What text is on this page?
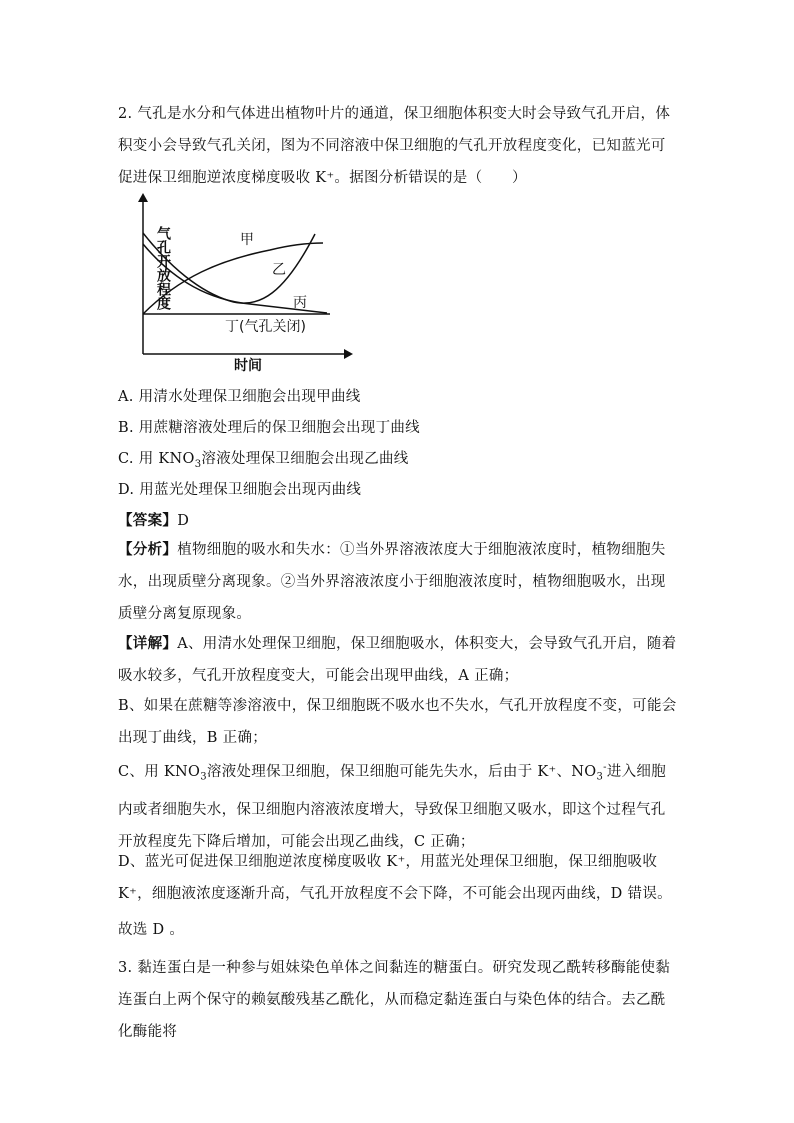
2. 气孔是水分和气体进出植物叶片的通道，保卫细胞体积变大时会导致气孔开启，体积变小会导致气孔关闭，图为不同溶液中保卫细胞的气孔开放程度变化，已知蓝光可促进保卫细胞逆浓度梯度吸收 K⁺。据图分析错误的是（　　）
气孔开放程度
时间
甲
乙
丙
丁(气孔关闭)
A. 用清水处理保卫细胞会出现甲曲线
B. 用蔗糖溶液处理后的保卫细胞会出现丁曲线
C. 用 $KNO_3$溶液处理保卫细胞会出现乙曲线
D. 用蓝光处理保卫细胞会出现丙曲线
【答案】D
【分析】植物细胞的吸水和失水：①当外界溶液浓度大于细胞液浓度时，植物细胞失水，出现质壁分离现象。②当外界溶液浓度小于细胞液浓度时，植物细胞吸水，出现质壁分离复原现象。
【详解】A、用清水处理保卫细胞，保卫细胞吸水，体积变大，会导致气孔开启，随着吸水较多，气孔开放程度变大，可能会出现甲曲线，A 正确；
B、如果在蔗糖等渗溶液中，保卫细胞既不吸水也不失水，气孔开放程度不变，可能会出现丁曲线，B 正确；
C、用 $KNO_3$溶液处理保卫细胞，保卫细胞可能先失水，后由于 K⁺、$NO_3^-$进入细胞内或者细胞失水，保卫细胞内溶液浓度增大，导致保卫细胞又吸水，即这个过程气孔开放程度先下降后增加，可能会出现乙曲线，C 正确；
D、蓝光可促进保卫细胞逆浓度梯度吸收 K⁺，用蓝光处理保卫细胞，保卫细胞吸收 K⁺，细胞液浓度逐渐升高，气孔开放程度不会下降，不可能会出现丙曲线，D 错误。
故选 D 。
3. 黏连蛋白是一种参与姐妹染色单体之间黏连的糖蛋白。研究发现乙酰转移酶能使黏连蛋白上两个保守的赖氨酸残基乙酰化，从而稳定黏连蛋白与染色体的结合。去乙酰化酶能将
